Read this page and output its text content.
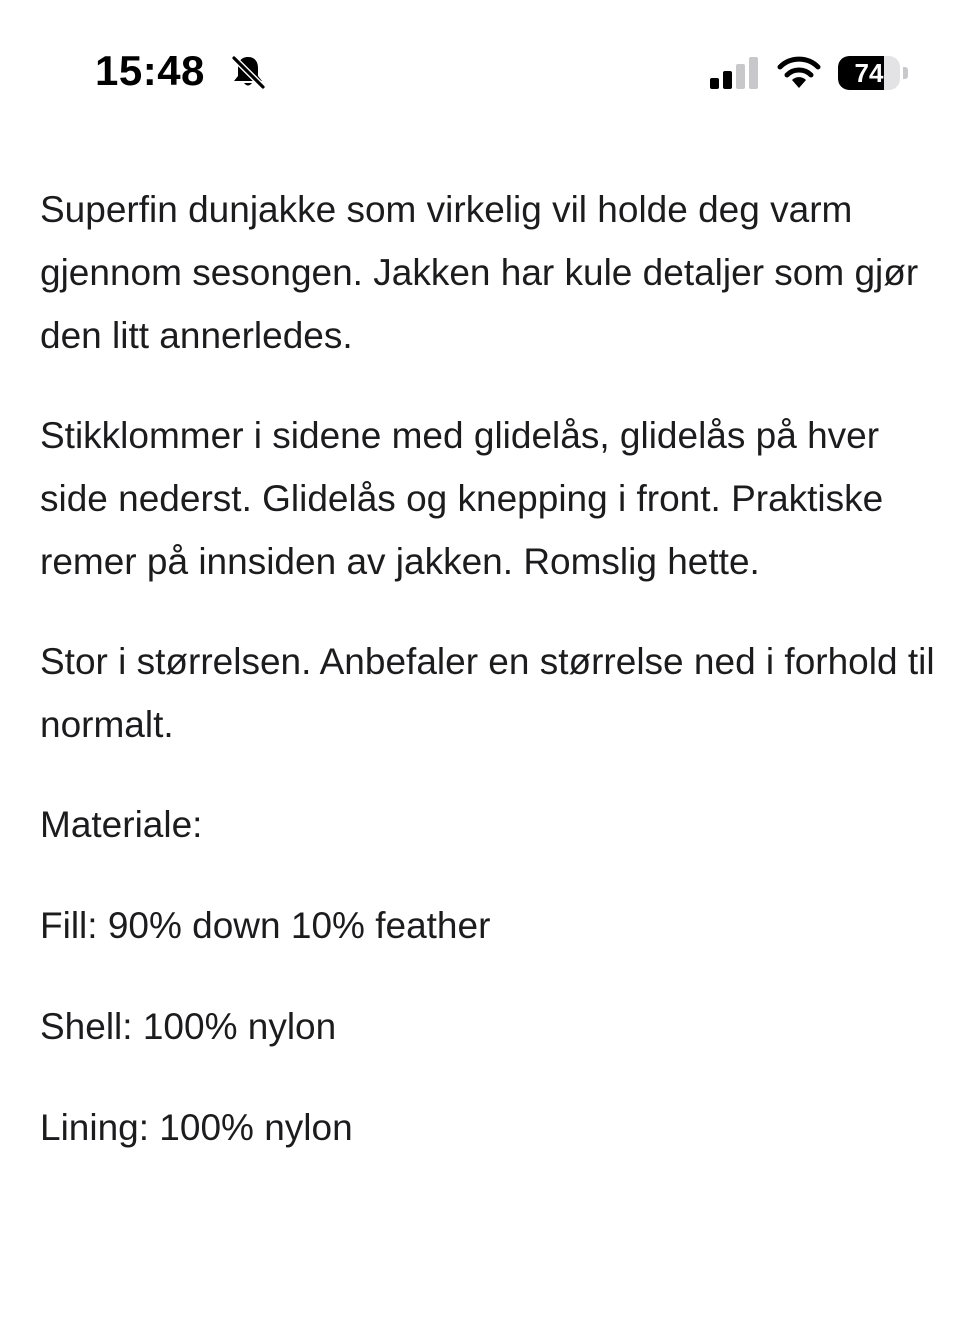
15:48	74

Superfin dunjakke som virkelig vil holde deg varm gjennom sesongen. Jakken har kule detaljer som gjør den litt annerledes.

Stikklommer i sidene med glidelås, glidelås på hver side nederst. Glidelås og knepping i front. Praktiske remer på innsiden av jakken. Romslig hette.

Stor i størrelsen. Anbefaler en størrelse ned i forhold til normalt.

Materiale:

Fill: 90% down 10% feather

Shell: 100% nylon

Lining: 100% nylon
